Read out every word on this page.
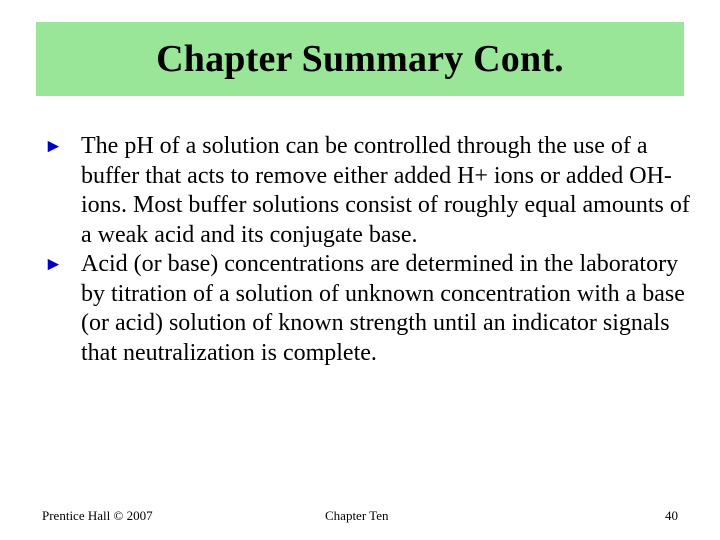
Chapter Summary Cont.
► The pH of a solution can be controlled through the use of a buffer that acts to remove either added H+ ions or added OH- ions. Most buffer solutions consist of roughly equal amounts of a weak acid and its conjugate base.
► Acid (or base) concentrations are determined in the laboratory by titration of a solution of unknown concentration with a base (or acid) solution of known strength until an indicator signals that neutralization is complete.
Prentice Hall © 2007	Chapter Ten	40
